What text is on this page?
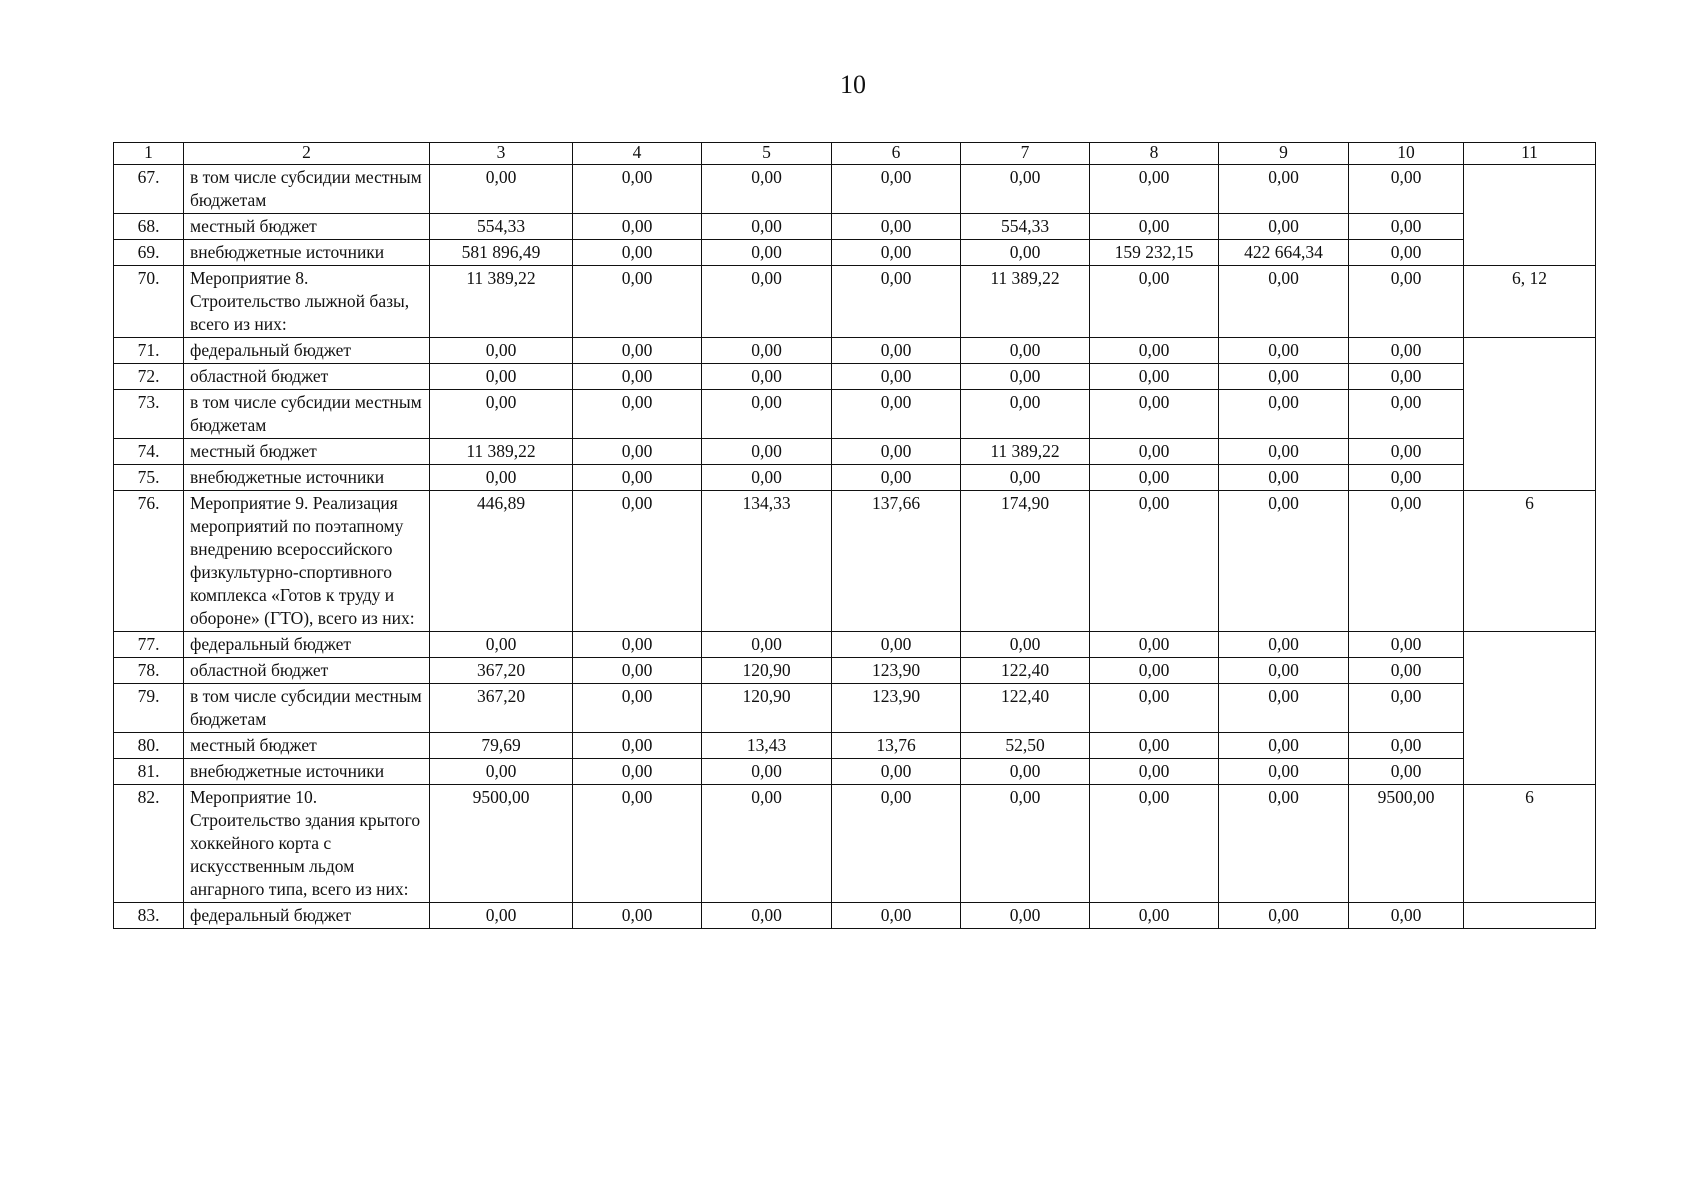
10
1	2	3	4	5	6	7	8	9	10	11
67.	в том числе субсидии местным бюджетам	0,00	0,00	0,00	0,00	0,00	0,00	0,00	0,00	
68.	местный бюджет	554,33	0,00	0,00	0,00	554,33	0,00	0,00	0,00	
69.	внебюджетные источники	581 896,49	0,00	0,00	0,00	0,00	159 232,15	422 664,34	0,00	
70.	Мероприятие 8. Строительство лыжной базы, всего из них:	11 389,22	0,00	0,00	0,00	11 389,22	0,00	0,00	0,00	6, 12
71.	федеральный бюджет	0,00	0,00	0,00	0,00	0,00	0,00	0,00	0,00	
72.	областной бюджет	0,00	0,00	0,00	0,00	0,00	0,00	0,00	0,00	
73.	в том числе субсидии местным бюджетам	0,00	0,00	0,00	0,00	0,00	0,00	0,00	0,00	
74.	местный бюджет	11 389,22	0,00	0,00	0,00	11 389,22	0,00	0,00	0,00	
75.	внебюджетные источники	0,00	0,00	0,00	0,00	0,00	0,00	0,00	0,00	
76.	Мероприятие 9. Реализация мероприятий по поэтапному внедрению всероссийского физкультурно-спортивного комплекса «Готов к труду и обороне» (ГТО), всего из них:	446,89	0,00	134,33	137,66	174,90	0,00	0,00	0,00	6
77.	федеральный бюджет	0,00	0,00	0,00	0,00	0,00	0,00	0,00	0,00	
78.	областной бюджет	367,20	0,00	120,90	123,90	122,40	0,00	0,00	0,00	
79.	в том числе субсидии местным бюджетам	367,20	0,00	120,90	123,90	122,40	0,00	0,00	0,00	
80.	местный бюджет	79,69	0,00	13,43	13,76	52,50	0,00	0,00	0,00	
81.	внебюджетные источники	0,00	0,00	0,00	0,00	0,00	0,00	0,00	0,00	
82.	Мероприятие 10. Строительство здания крытого хоккейного корта с искусственным льдом ангарного типа, всего из них:	9500,00	0,00	0,00	0,00	0,00	0,00	0,00	9500,00	6
83.	федеральный бюджет	0,00	0,00	0,00	0,00	0,00	0,00	0,00	0,00	
